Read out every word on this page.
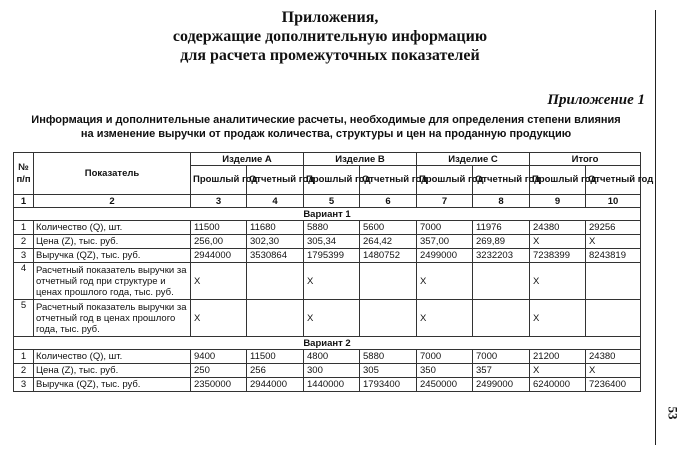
Приложения,
содержащие дополнительную информацию
для расчета промежуточных показателей
Приложение 1
Информация и дополнительные аналитические расчеты, необходимые для определения степени влияния
на изменение выручки от продаж количества, структуры и цен на проданную продукцию
53
№ п/п	Показатель	Изделие А		Изделие В		Изделие С		Итого	
		Прошлый год	Отчетный год	Прошлый год	Отчетный год	Прошлый год	Отчетный год	Прошлый год	Отчетный год
1	2	3	4	5	6	7	8	9	10
Вариант 1									
1	Количество (Q), шт.	11500	11680	5880	5600	7000	11976	24380	29256
2	Цена (Z), тыс. руб.	256,00	302,30	305,34	264,42	357,00	269,89	X	X
3	Выручка (QZ), тыс. руб.	2944000	3530864	1795399	1480752	2499000	3232203	7238399	8243819
4	Расчетный показатель выручки за отчетный год при структуре и ценах прошлого года, тыс. руб.	X		X		X		X	
5	Расчетный показатель выручки за отчетный год в ценах прошлого года, тыс. руб.	X		X		X		X	
Вариант 2									
1	Количество (Q), шт.	9400	11500	4800	5880	7000	7000	21200	24380
2	Цена (Z), тыс. руб.	250	256	300	305	350	357	X	X
3	Выручка (QZ), тыс. руб.	2350000	2944000	1440000	1793400	2450000	2499000	6240000	7236400
